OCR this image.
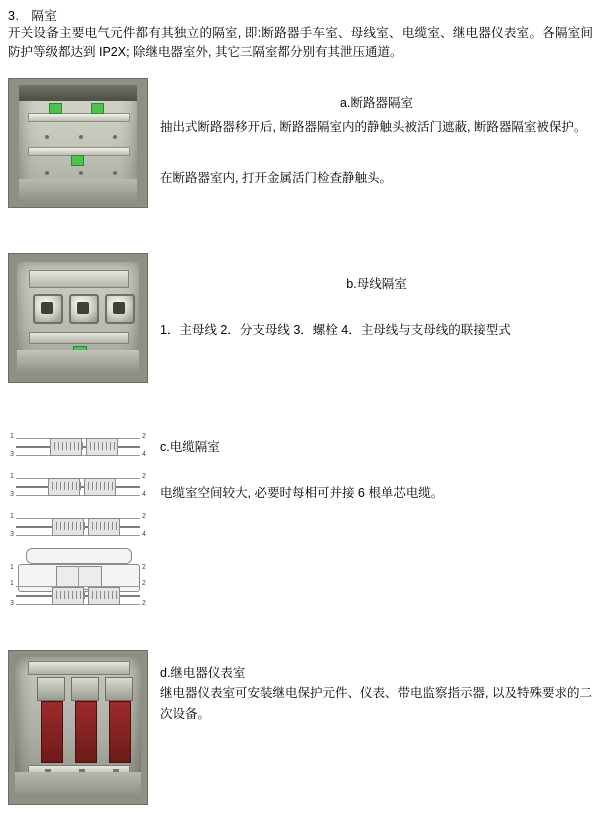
3. 隔室
开关设备主要电气元件都有其独立的隔室, 即:断路器手车室、母线室、电缆室、继电器仪表室。各隔室间防护等级都达到 IP2X; 除继电器室外, 其它三隔室都分别有其泄压通道。
a.断路器隔室
抽出式断路器移开后, 断路器隔室内的静触头被活门遮蔽, 断路器隔室被保护。
在断路器室内, 打开金属活门检查静触头。
b.母线隔室
1．主母线 2．分支母线 3．螺栓 4．主母线与支母线的联接型式
1	2
3	4
1	2
3	4
1	2
3	4
1	2
1	2
3	2
c.电缆隔室
电缆室空间较大, 必要时每相可并接 6 根单芯电缆。
d.继电器仪表室
继电器仪表室可安装继电保护元件、仪表、带电监察指示器, 以及特殊要求的二次设备。
